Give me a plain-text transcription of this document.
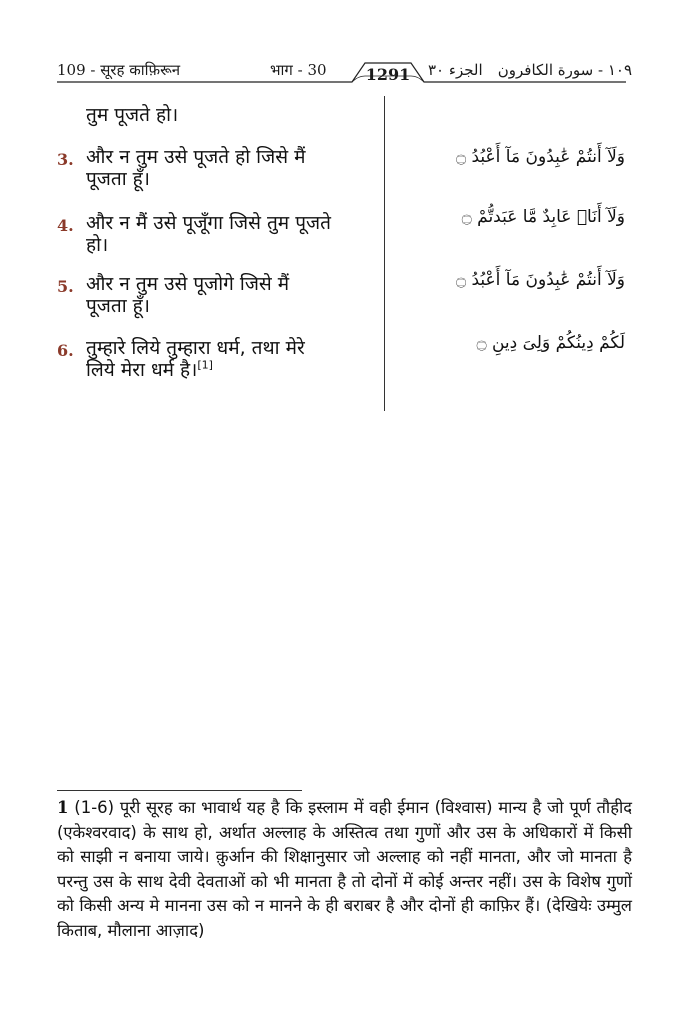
109 - सूरह काफ़िरून	भाग - 30	1291	الجزء ٣٠ ١٠٩ - سورة الكافرون
तुम पूजते हो।
3. और न तुम उसे पूजते हो जिसे मैं
पूजता हूँ।
وَلَآ أَنتُمْ عَٰبِدُونَ مَآ أَعْبُدُ ۝
4. और न मैं उसे पूजूँगा जिसे तुम पूजते
हो।
وَلَآ أَنَا۠ عَابِدٌ مَّا عَبَدتُّمْ ۝
5. और न तुम उसे पूजोगे जिसे मैं
पूजता हूँ।
وَلَآ أَنتُمْ عَٰبِدُونَ مَآ أَعْبُدُ ۝
6. तुम्हारे लिये तुम्हारा धर्म, तथा मेरे
लिये मेरा धर्म है।[1]
لَكُمْ دِينُكُمْ وَلِىَ دِينِ ۝
1 (1-6) पूरी सूरह का भावार्थ यह है कि इस्लाम में वही ईमान (विश्वास) मान्य है जो पूर्ण तौहीद (एकेश्वरवाद) के साथ हो, अर्थात अल्लाह के अस्तित्व तथा गुणों और उस के अधिकारों में किसी को साझी न बनाया जाये। क़ुर्आन की शिक्षानुसार जो अल्लाह को नहीं मानता, और जो मानता है परन्तु उस के साथ देवी देवताओं को भी मानता है तो दोनों में कोई अन्तर नहीं। उस के विशेष गुणों को किसी अन्य मे मानना उस को न मानने के ही बराबर है और दोनों ही काफ़िर हैं। (देखियेः उम्मुल किताब, मौलाना आज़ाद)
